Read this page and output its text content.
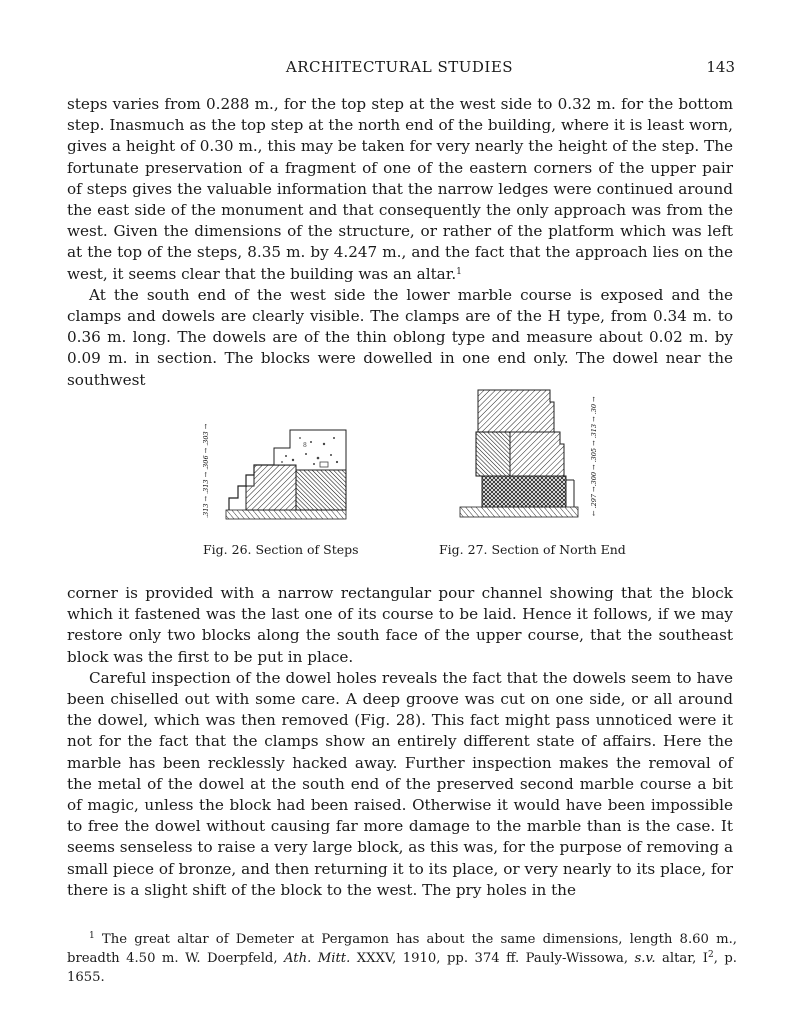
ARCHITECTURAL STUDIES	143

steps varies from 0.288 m., for the top step at the west side to 0.32 m. for the bottom step. Inasmuch as the top step at the north end of the building, where it is least worn, gives a height of 0.30 m., this may be taken for very nearly the height of the step. The fortunate preservation of a fragment of one of the eastern corners of the upper pair of steps gives the valuable information that the narrow ledges were continued around the east side of the monument and that consequently the only approach was from the west. Given the dimensions of the structure, or rather of the platform which was left at the top of the steps, 8.35 m. by 4.247 m., and the fact that the approach lies on the west, it seems clear that the building was an altar.$^1$

At the south end of the west side the lower marble course is exposed and the clamps and dowels are clearly visible. The clamps are of the H type, from 0.34 m. to 0.36 m. long. The dowels are of the thin oblong type and measure about 0.02 m. by 0.09 m. in section. The blocks were dowelled in one end only. The dowel near the southwest

.313 → .313 → .306 → .303 →	8
Fig. 26. Section of Steps
← .297 →.300 → .305 → .313 → .30 →
Fig. 27. Section of North End

corner is provided with a narrow rectangular pour channel showing that the block which it fastened was the last one of its course to be laid. Hence it follows, if we may restore only two blocks along the south face of the upper course, that the southeast block was the first to be put in place.

Careful inspection of the dowel holes reveals the fact that the dowels seem to have been chiselled out with some care. A deep groove was cut on one side, or all around the dowel, which was then removed (Fig. 28). This fact might pass unnoticed were it not for the fact that the clamps show an entirely different state of affairs. Here the marble has been recklessly hacked away. Further inspection makes the removal of the metal of the dowel at the south end of the preserved second marble course a bit of magic, unless the block had been raised. Otherwise it would have been impossible to free the dowel without causing far more damage to the marble than is the case. It seems senseless to raise a very large block, as this was, for the purpose of removing a small piece of bronze, and then returning it to its place, or very nearly to its place, for there is a slight shift of the block to the west. The pry holes in the

$^1$ The great altar of Demeter at Pergamon has about the same dimensions, length 8.60 m., breadth 4.50 m. W. Doerpfeld, Ath. Mitt. XXXV, 1910, pp. 374 ff. Pauly-Wissowa, s.v. altar, $I^2$, p. 1655.
